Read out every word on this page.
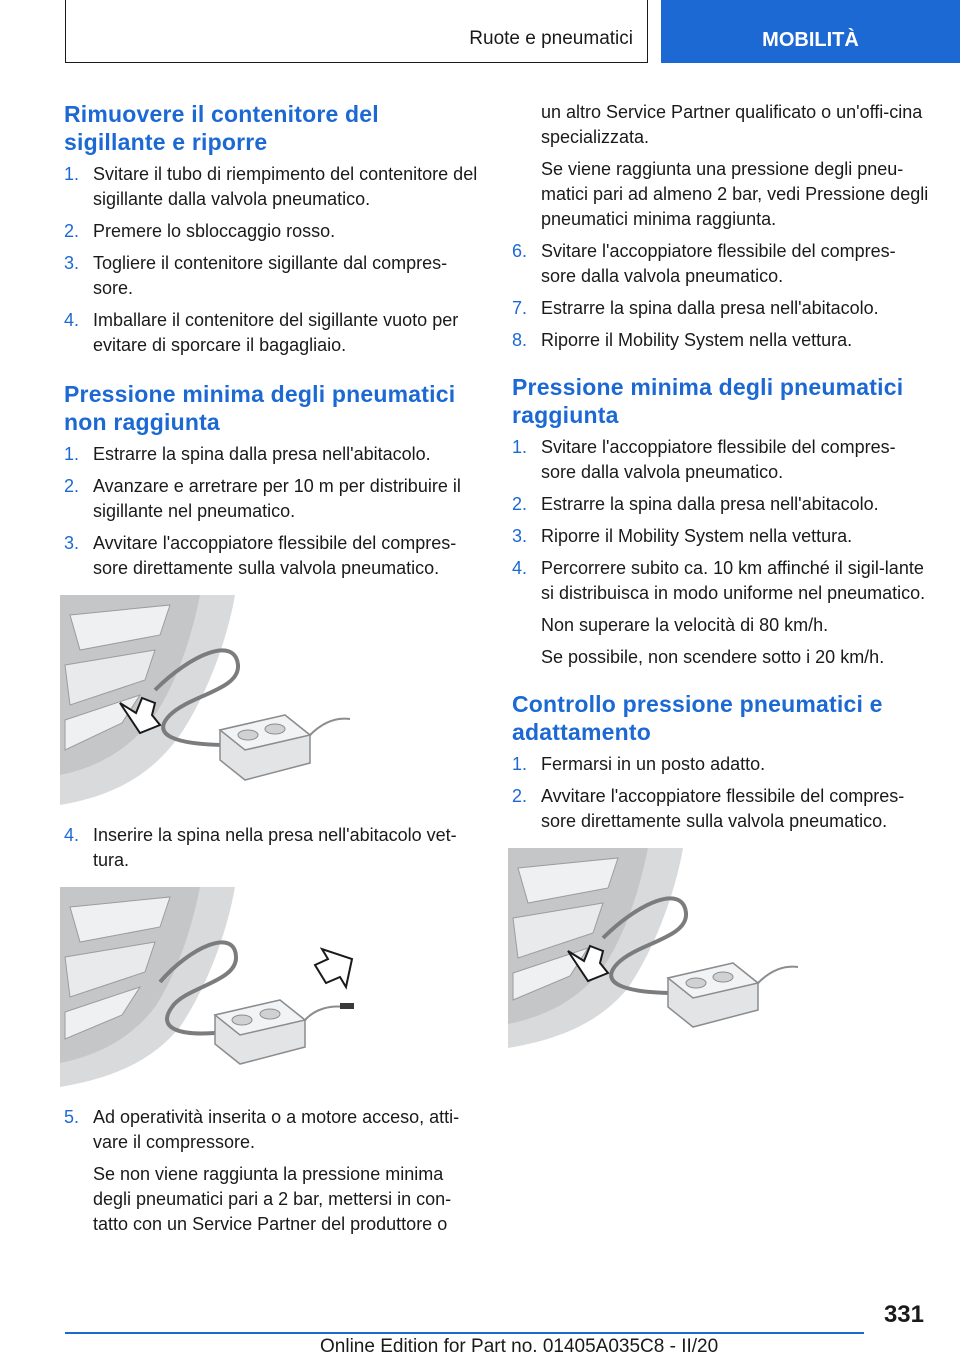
Ruote e pneumatici	MOBILITÀ
Rimuovere il contenitore del sigillante e riporre
1. Svitare il tubo di riempimento del contenitore del sigillante dalla valvola pneumatico.
2. Premere lo sbloccaggio rosso.
3. Togliere il contenitore sigillante dal compres-sore.
4. Imballare il contenitore del sigillante vuoto per evitare di sporcare il bagagliaio.
Pressione minima degli pneumatici non raggiunta
1. Estrarre la spina dalla presa nell'abitacolo.
2. Avanzare e arretrare per 10 m per distribuire il sigillante nel pneumatico.
3. Avvitare l'accoppiatore flessibile del compres-sore direttamente sulla valvola pneumatico.
4. Inserire la spina nella presa nell'abitacolo vet-tura.
5. Ad operatività inserita o a motore acceso, atti-vare il compressore.

Se non viene raggiunta la pressione minima degli pneumatici pari a 2 bar, mettersi in con-tatto con un Service Partner del produttore o

un altro Service Partner qualificato o un'offi-cina specializzata.

Se viene raggiunta una pressione degli pneu-matici pari ad almeno 2 bar, vedi Pressione degli pneumatici minima raggiunta.

6. Svitare l'accoppiatore flessibile del compres-sore dalla valvola pneumatico.
7. Estrarre la spina dalla presa nell'abitacolo.
8. Riporre il Mobility System nella vettura.
Pressione minima degli pneumatici raggiunta
1. Svitare l'accoppiatore flessibile del compres-sore dalla valvola pneumatico.
2. Estrarre la spina dalla presa nell'abitacolo.
3. Riporre il Mobility System nella vettura.
4. Percorrere subito ca. 10 km affinché il sigil-lante si distribuisca in modo uniforme nel pneumatico.

Non superare la velocità di 80 km/h.

Se possibile, non scendere sotto i 20 km/h.

Controllo pressione pneumatici e adattamento
1. Fermarsi in un posto adatto.
2. Avvitare l'accoppiatore flessibile del compres-sore direttamente sulla valvola pneumatico.
331
Online Edition for Part no. 01405A035C8 - II/20
